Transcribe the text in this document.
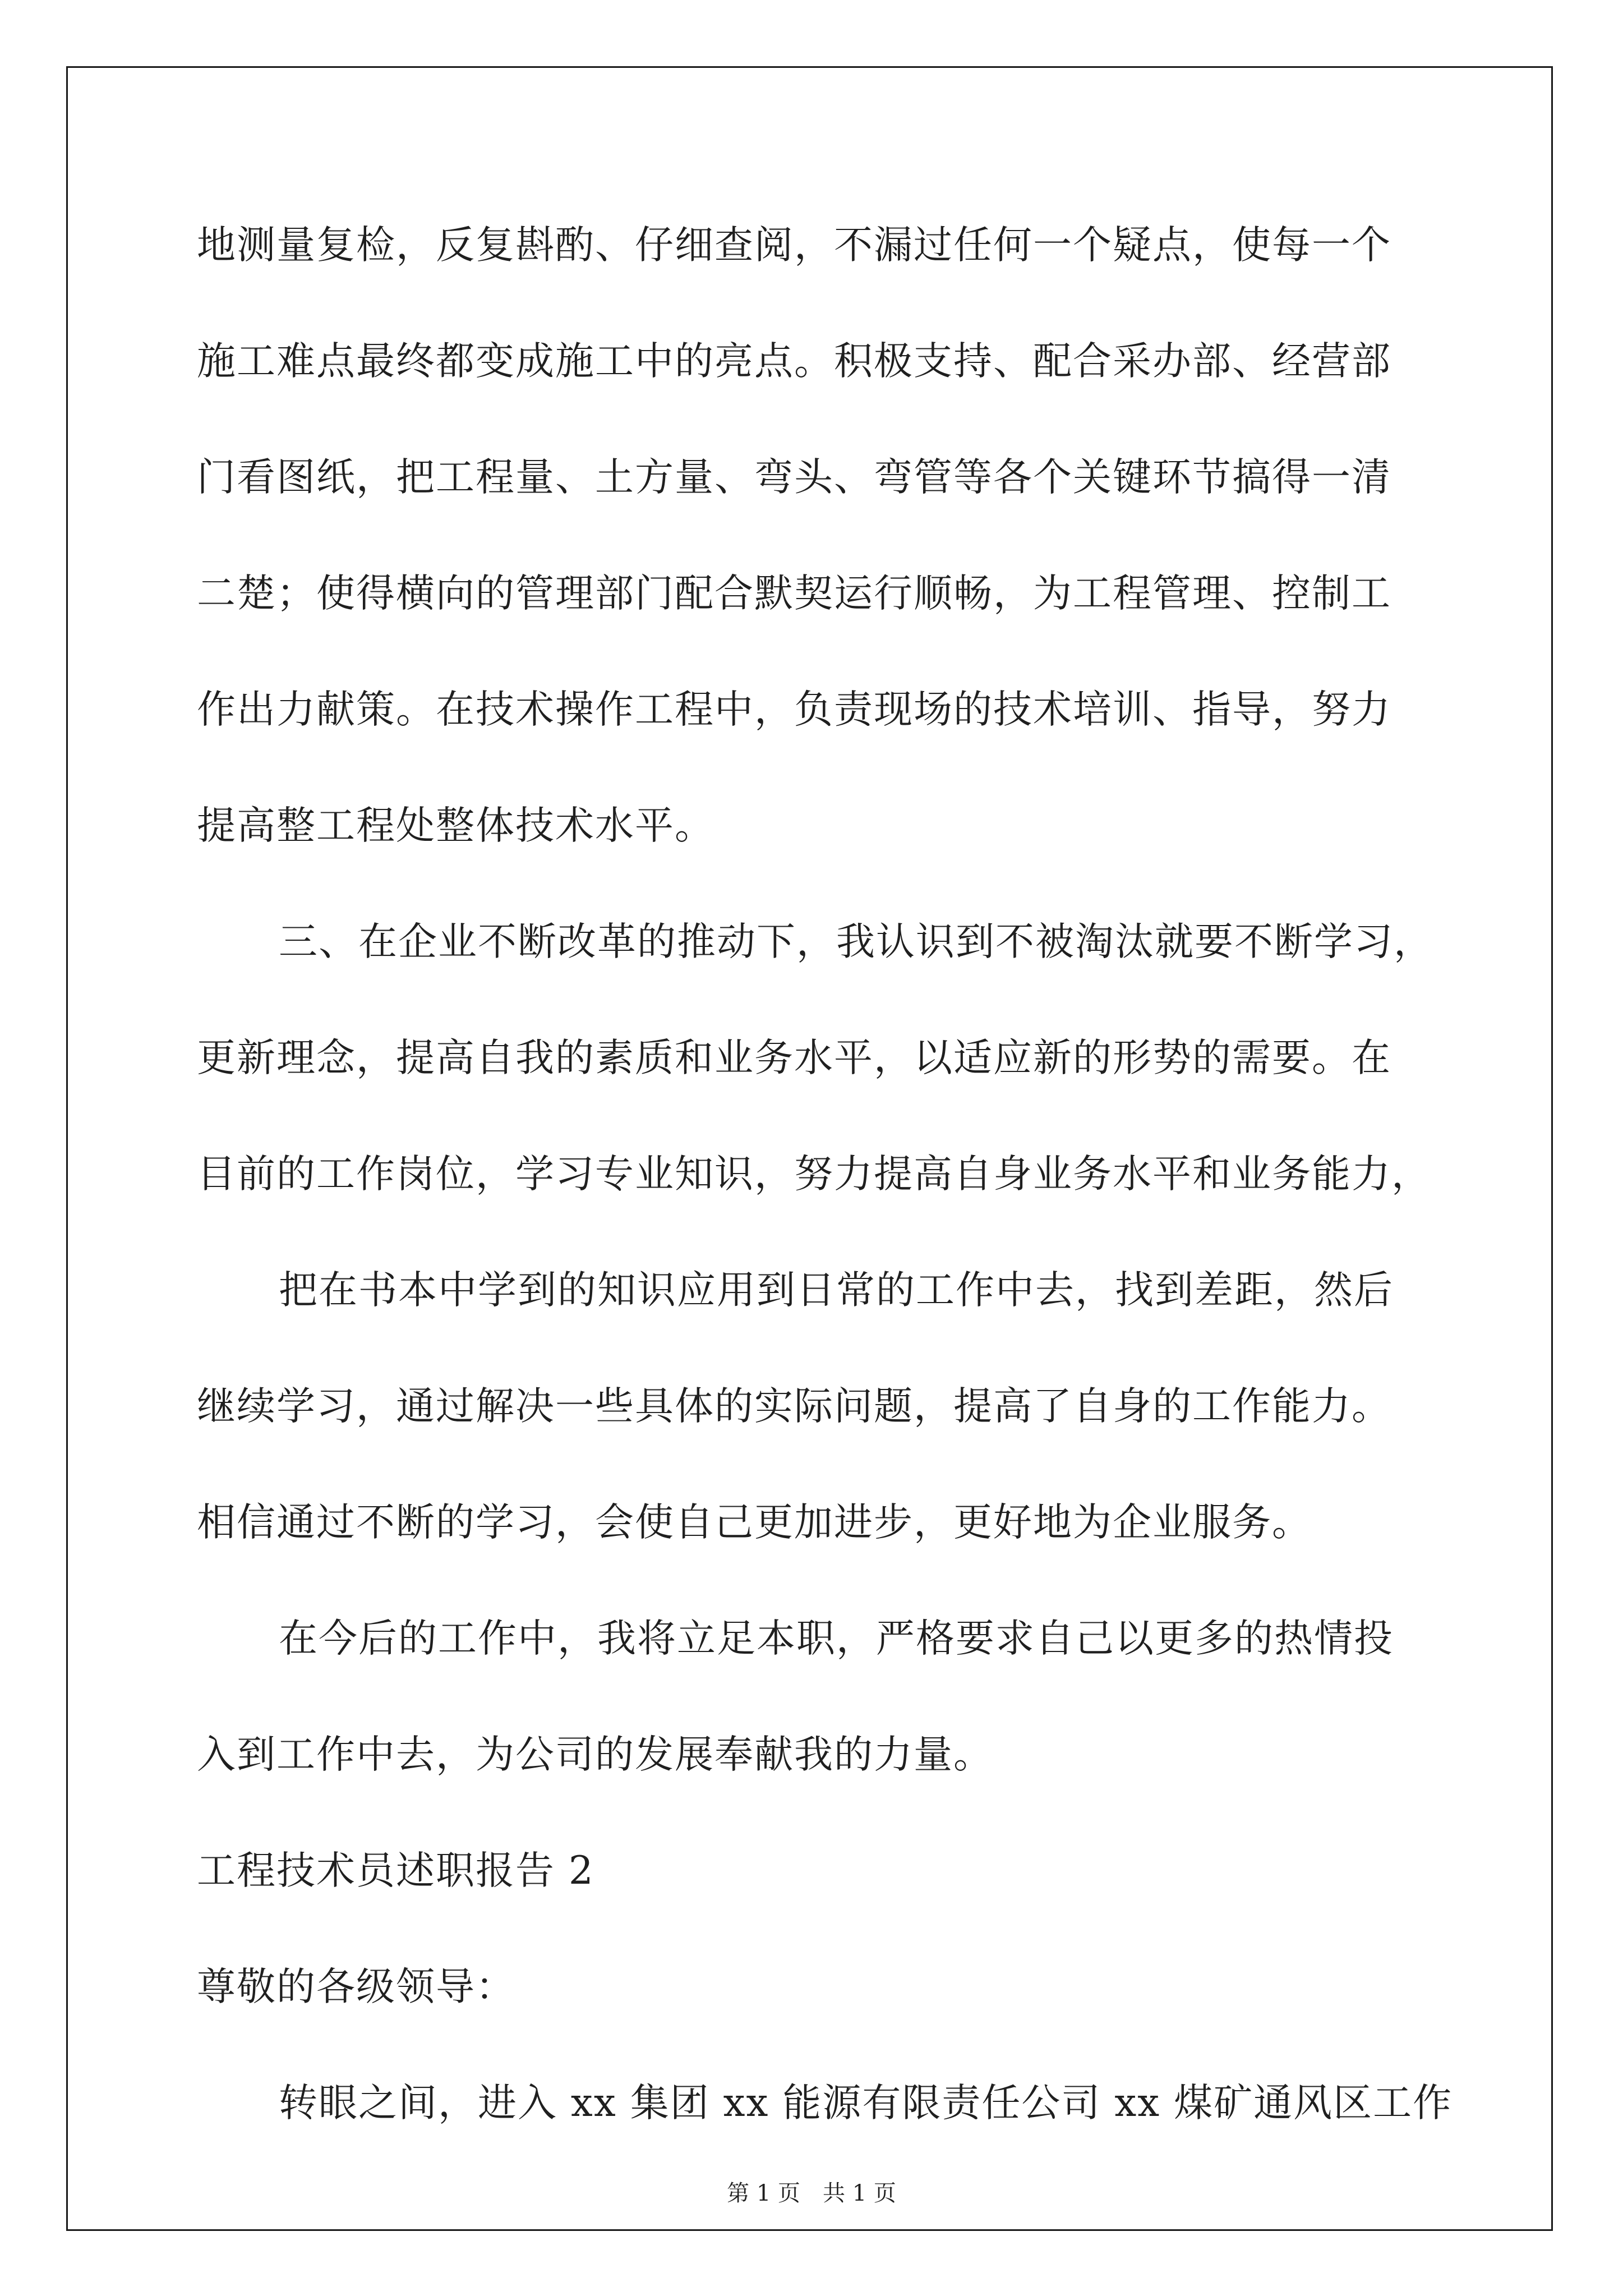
地测量复检，反复斟酌、仔细查阅，不漏过任何一个疑点，使每一个
施工难点最终都变成施工中的亮点。积极支持、配合采办部、经营部
门看图纸，把工程量、土方量、弯头、弯管等各个关键环节搞得一清
二楚；使得横向的管理部门配合默契运行顺畅，为工程管理、控制工
作出力献策。在技术操作工程中，负责现场的技术培训、指导，努力
提高整工程处整体技术水平。
三、在企业不断改革的推动下，我认识到不被淘汰就要不断学习，
更新理念，提高自我的素质和业务水平，以适应新的形势的需要。在
目前的工作岗位，学习专业知识，努力提高自身业务水平和业务能力，
把在书本中学到的知识应用到日常的工作中去，找到差距，然后
继续学习，通过解决一些具体的实际问题，提高了自身的工作能力。
相信通过不断的学习，会使自己更加进步，更好地为企业服务。
在今后的工作中，我将立足本职，严格要求自己以更多的热情投
入到工作中去，为公司的发展奉献我的力量。
工程技术员述职报告 2
尊敬的各级领导：
转眼之间，进入 xx 集团 xx 能源有限责任公司 xx 煤矿通风区工作
第 1 页　共 1 页
